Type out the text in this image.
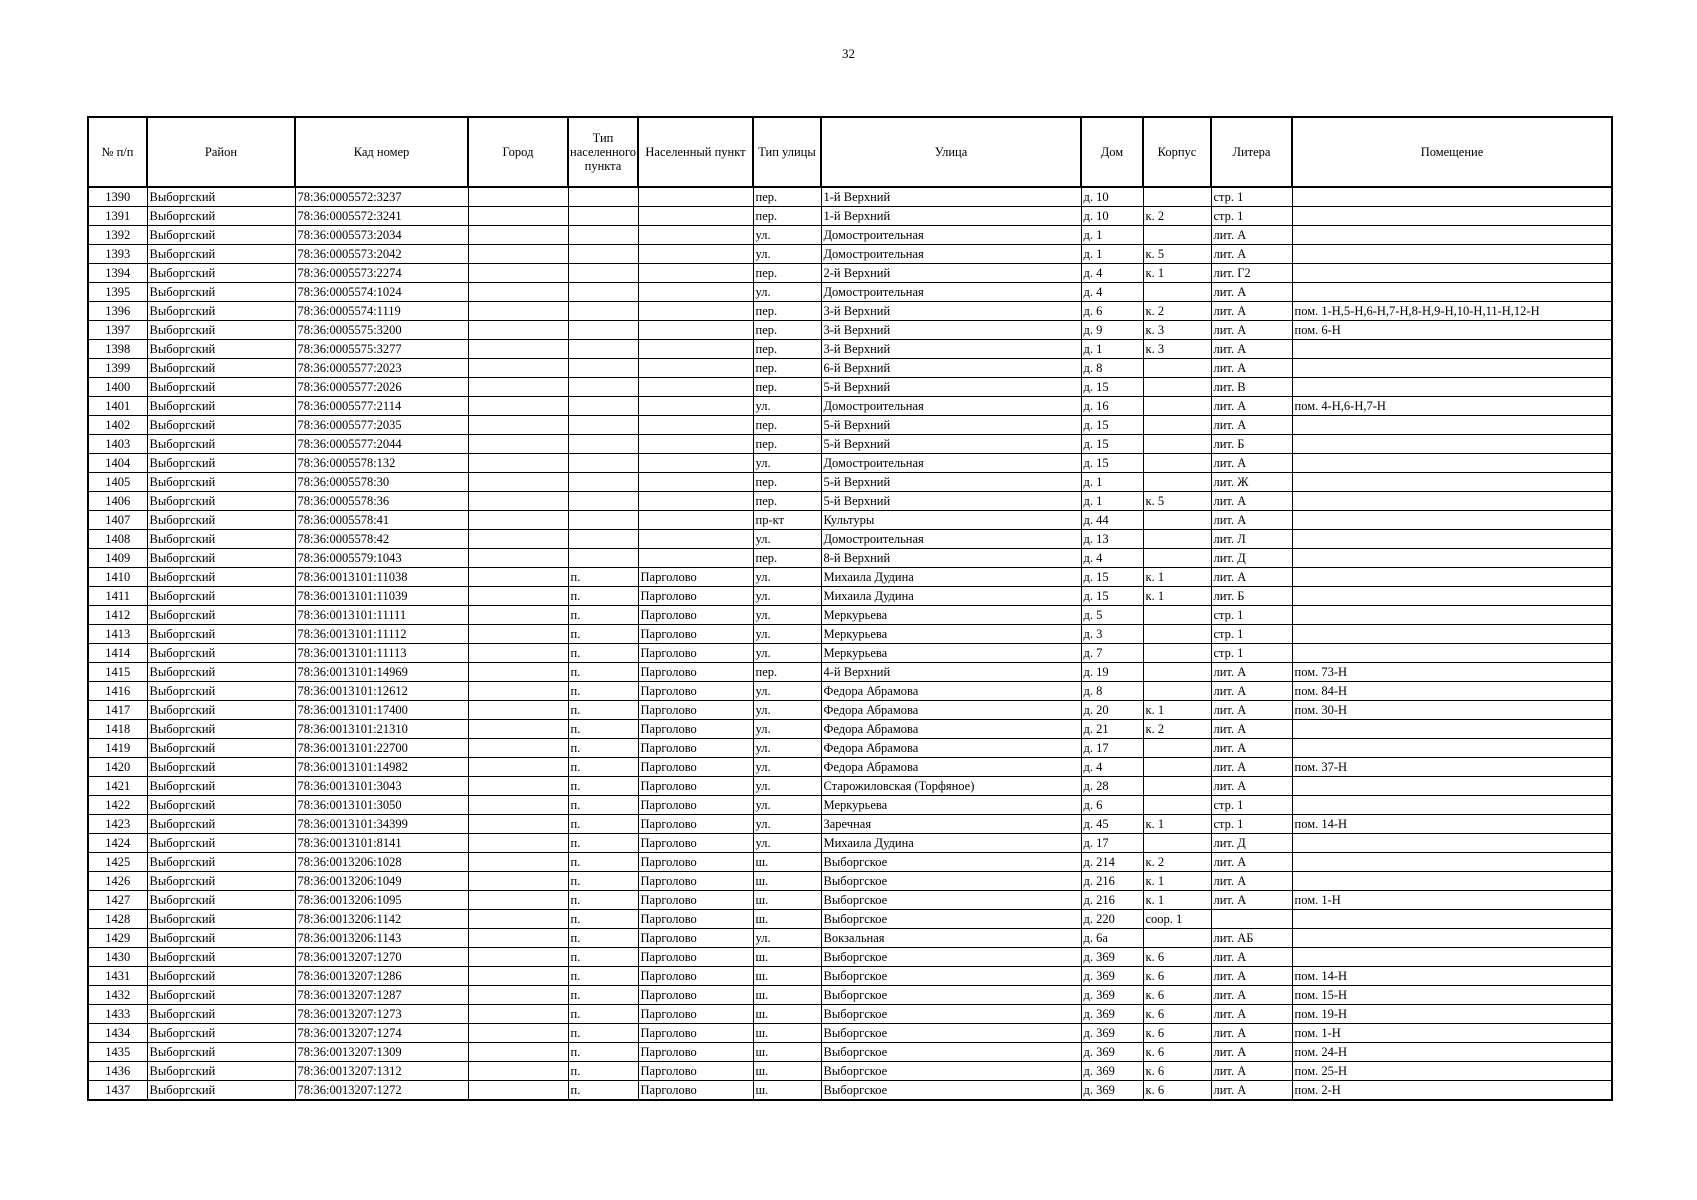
32
№ п/п	Район	Кад номер	Город	Тип населенного пункта	Населенный пункт	Тип улицы	Улица	Дом	Корпус	Литера	Помещение
1390	Выборгский	78:36:0005572:3237				пер.	1-й Верхний	д. 10		стр. 1	
1391	Выборгский	78:36:0005572:3241				пер.	1-й Верхний	д. 10	к. 2	стр. 1	
1392	Выборгский	78:36:0005573:2034				ул.	Домостроительная	д. 1		лит. А	
1393	Выборгский	78:36:0005573:2042				ул.	Домостроительная	д. 1	к. 5	лит. А	
1394	Выборгский	78:36:0005573:2274				пер.	2-й Верхний	д. 4	к. 1	лит. Г2	
1395	Выборгский	78:36:0005574:1024				ул.	Домостроительная	д. 4		лит. А	
1396	Выборгский	78:36:0005574:1119				пер.	3-й Верхний	д. 6	к. 2	лит. А	пом. 1-Н,5-Н,6-Н,7-Н,8-Н,9-Н,10-Н,11-Н,12-Н
1397	Выборгский	78:36:0005575:3200				пер.	3-й Верхний	д. 9	к. 3	лит. А	пом. 6-Н
1398	Выборгский	78:36:0005575:3277				пер.	3-й Верхний	д. 1	к. 3	лит. А	
1399	Выборгский	78:36:0005577:2023				пер.	6-й Верхний	д. 8		лит. А	
1400	Выборгский	78:36:0005577:2026				пер.	5-й Верхний	д. 15		лит. В	
1401	Выборгский	78:36:0005577:2114				ул.	Домостроительная	д. 16		лит. А	пом. 4-Н,6-Н,7-Н
1402	Выборгский	78:36:0005577:2035				пер.	5-й Верхний	д. 15		лит. А	
1403	Выборгский	78:36:0005577:2044				пер.	5-й Верхний	д. 15		лит. Б	
1404	Выборгский	78:36:0005578:132				ул.	Домостроительная	д. 15		лит. А	
1405	Выборгский	78:36:0005578:30				пер.	5-й Верхний	д. 1		лит. Ж	
1406	Выборгский	78:36:0005578:36				пер.	5-й Верхний	д. 1	к. 5	лит. А	
1407	Выборгский	78:36:0005578:41				пр-кт	Культуры	д. 44		лит. А	
1408	Выборгский	78:36:0005578:42				ул.	Домостроительная	д. 13		лит. Л	
1409	Выборгский	78:36:0005579:1043				пер.	8-й Верхний	д. 4		лит. Д	
1410	Выборгский	78:36:0013101:11038		п.	Парголово	ул.	Михаила Дудина	д. 15	к. 1	лит. А	
1411	Выборгский	78:36:0013101:11039		п.	Парголово	ул.	Михаила Дудина	д. 15	к. 1	лит. Б	
1412	Выборгский	78:36:0013101:11111		п.	Парголово	ул.	Меркурьева	д. 5		стр. 1	
1413	Выборгский	78:36:0013101:11112		п.	Парголово	ул.	Меркурьева	д. 3		стр. 1	
1414	Выборгский	78:36:0013101:11113		п.	Парголово	ул.	Меркурьева	д. 7		стр. 1	
1415	Выборгский	78:36:0013101:14969		п.	Парголово	пер.	4-й Верхний	д. 19		лит. А	пом. 73-Н
1416	Выборгский	78:36:0013101:12612		п.	Парголово	ул.	Федора Абрамова	д. 8		лит. А	пом. 84-Н
1417	Выборгский	78:36:0013101:17400		п.	Парголово	ул.	Федора Абрамова	д. 20	к. 1	лит. А	пом. 30-Н
1418	Выборгский	78:36:0013101:21310		п.	Парголово	ул.	Федора Абрамова	д. 21	к. 2	лит. А	
1419	Выборгский	78:36:0013101:22700		п.	Парголово	ул.	Федора Абрамова	д. 17		лит. А	
1420	Выборгский	78:36:0013101:14982		п.	Парголово	ул.	Федора Абрамова	д. 4		лит. А	пом. 37-Н
1421	Выборгский	78:36:0013101:3043		п.	Парголово	ул.	Старожиловская (Торфяное)	д. 28		лит. А	
1422	Выборгский	78:36:0013101:3050		п.	Парголово	ул.	Меркурьева	д. 6		стр. 1	
1423	Выборгский	78:36:0013101:34399		п.	Парголово	ул.	Заречная	д. 45	к. 1	стр. 1	пом. 14-Н
1424	Выборгский	78:36:0013101:8141		п.	Парголово	ул.	Михаила Дудина	д. 17		лит. Д	
1425	Выборгский	78:36:0013206:1028		п.	Парголово	ш.	Выборгское	д. 214	к. 2	лит. А	
1426	Выборгский	78:36:0013206:1049		п.	Парголово	ш.	Выборгское	д. 216	к. 1	лит. А	
1427	Выборгский	78:36:0013206:1095		п.	Парголово	ш.	Выборгское	д. 216	к. 1	лит. А	пом. 1-Н
1428	Выборгский	78:36:0013206:1142		п.	Парголово	ш.	Выборгское	д. 220	соор. 1		
1429	Выборгский	78:36:0013206:1143		п.	Парголово	ул.	Вокзальная	д. 6а		лит. АБ	
1430	Выборгский	78:36:0013207:1270		п.	Парголово	ш.	Выборгское	д. 369	к. 6	лит. А	
1431	Выборгский	78:36:0013207:1286		п.	Парголово	ш.	Выборгское	д. 369	к. 6	лит. А	пом. 14-Н
1432	Выборгский	78:36:0013207:1287		п.	Парголово	ш.	Выборгское	д. 369	к. 6	лит. А	пом. 15-Н
1433	Выборгский	78:36:0013207:1273		п.	Парголово	ш.	Выборгское	д. 369	к. 6	лит. А	пом. 19-Н
1434	Выборгский	78:36:0013207:1274		п.	Парголово	ш.	Выборгское	д. 369	к. 6	лит. А	пом. 1-Н
1435	Выборгский	78:36:0013207:1309		п.	Парголово	ш.	Выборгское	д. 369	к. 6	лит. А	пом. 24-Н
1436	Выборгский	78:36:0013207:1312		п.	Парголово	ш.	Выборгское	д. 369	к. 6	лит. А	пом. 25-Н
1437	Выборгский	78:36:0013207:1272		п.	Парголово	ш.	Выборгское	д. 369	к. 6	лит. А	пом. 2-Н
